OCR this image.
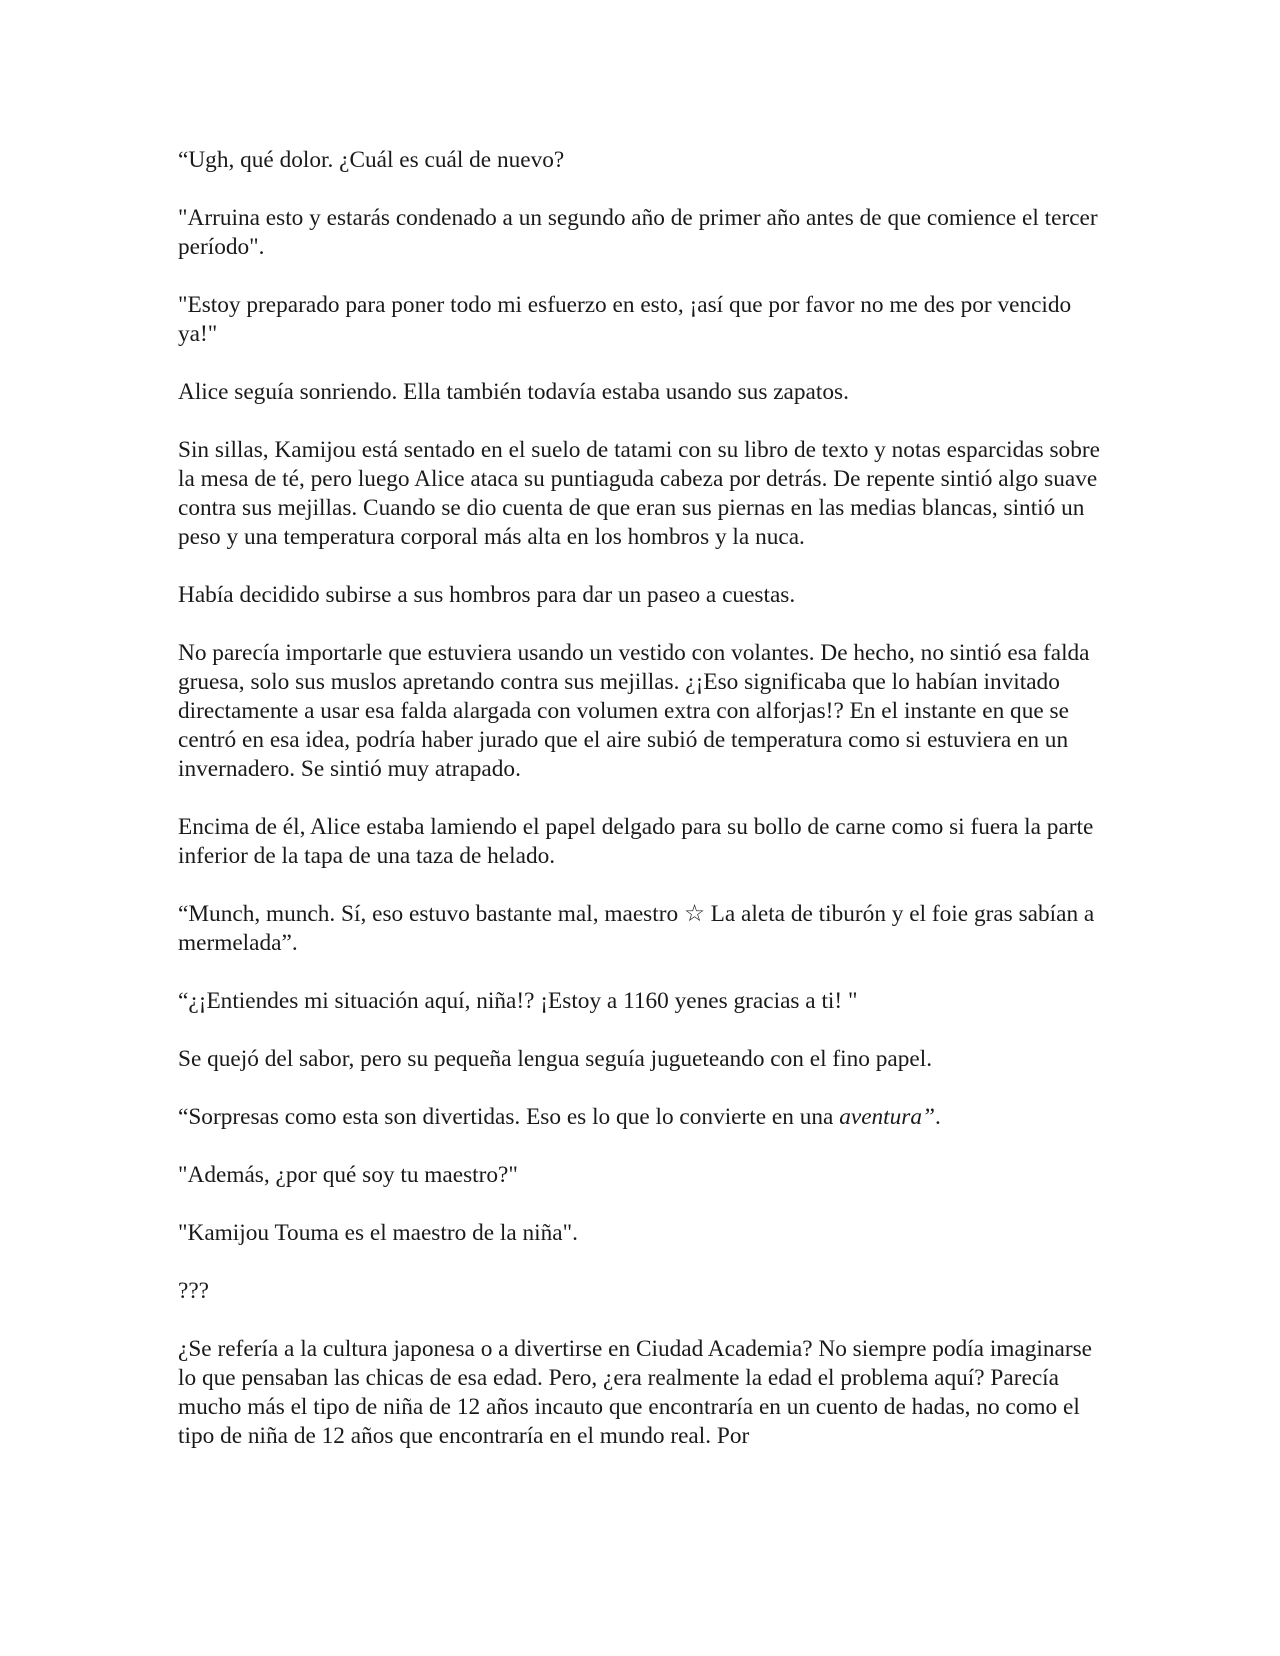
“Ugh, qué dolor. ¿Cuál es cuál de nuevo?

"Arruina esto y estarás condenado a un segundo año de primer año antes de que comience el tercer período".

"Estoy preparado para poner todo mi esfuerzo en esto, ¡así que por favor no me des por vencido ya!"

Alice seguía sonriendo. Ella también todavía estaba usando sus zapatos.

Sin sillas, Kamijou está sentado en el suelo de tatami con su libro de texto y notas esparcidas sobre la mesa de té, pero luego Alice ataca su puntiaguda cabeza por detrás. De repente sintió algo suave contra sus mejillas. Cuando se dio cuenta de que eran sus piernas en las medias blancas, sintió un peso y una temperatura corporal más alta en los hombros y la nuca.

Había decidido subirse a sus hombros para dar un paseo a cuestas.

No parecía importarle que estuviera usando un vestido con volantes. De hecho, no sintió esa falda gruesa, solo sus muslos apretando contra sus mejillas. ¿¡Eso significaba que lo habían invitado directamente a usar esa falda alargada con volumen extra con alforjas!? En el instante en que se centró en esa idea, podría haber jurado que el aire subió de temperatura como si estuviera en un invernadero. Se sintió muy atrapado.

Encima de él, Alice estaba lamiendo el papel delgado para su bollo de carne como si fuera la parte inferior de la tapa de una taza de helado.

“Munch, munch. Sí, eso estuvo bastante mal, maestro ☆ La aleta de tiburón y el foie gras sabían a mermelada”.

“¿¡Entiendes mi situación aquí, niña!? ¡Estoy a 1160 yenes gracias a ti! "

Se quejó del sabor, pero su pequeña lengua seguía jugueteando con el fino papel.

“Sorpresas como esta son divertidas. Eso es lo que lo convierte en una aventura”.

"Además, ¿por qué soy tu maestro?"

"Kamijou Touma es el maestro de la niña".

???

¿Se refería a la cultura japonesa o a divertirse en Ciudad Academia? No siempre podía imaginarse lo que pensaban las chicas de esa edad. Pero, ¿era realmente la edad el problema aquí? Parecía mucho más el tipo de niña de 12 años incauto que encontraría en un cuento de hadas, no como el tipo de niña de 12 años que encontraría en el mundo real. Por
